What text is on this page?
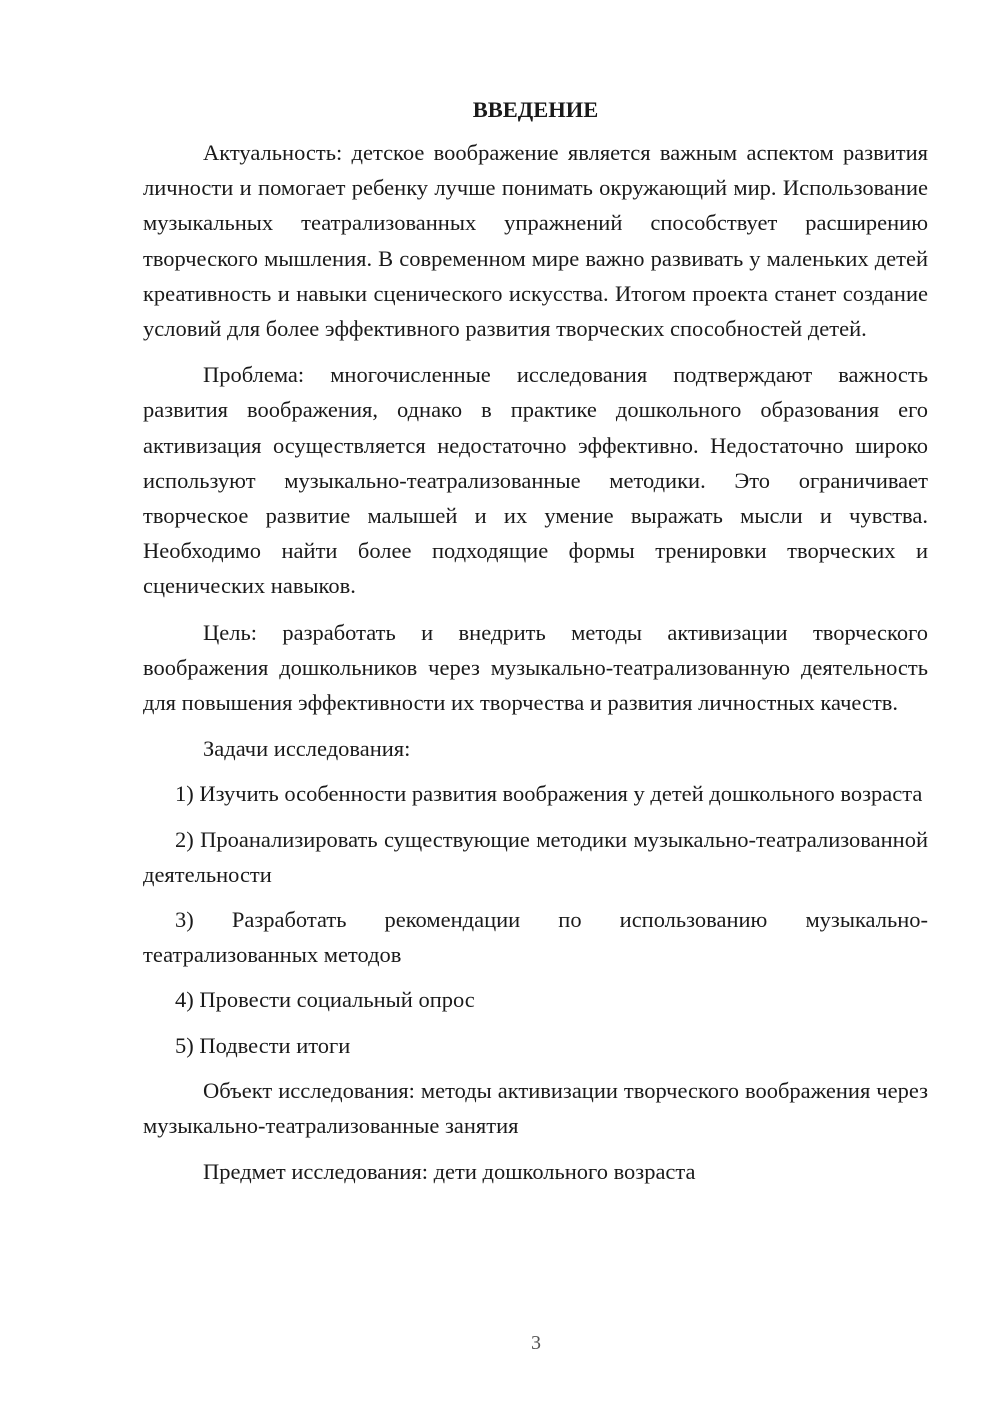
ВВЕДЕНИЕ

Актуальность: детское воображение является важным аспектом развития личности и помогает ребенку лучше понимать окружающий мир. Использование музыкальных театрализованных упражнений способствует расширению творческого мышления. В современном мире важно развивать у маленьких детей креативность и навыки сценического искусства. Итогом проекта станет создание условий для более эффективного развития творческих способностей детей.

Проблема: многочисленные исследования подтверждают важность развития воображения, однако в практике дошкольного образования его активизация осуществляется недостаточно эффективно. Недостаточно широко используют музыкально-театрализованные методики. Это ограничивает творческое развитие малышей и их умение выражать мысли и чувства. Необходимо найти более подходящие формы тренировки творческих и сценических навыков.

Цель: разработать и внедрить методы активизации творческого воображения дошкольников через музыкально-театрализованную деятельность для повышения эффективности их творчества и развития личностных качеств.

Задачи исследования:

1) Изучить особенности развития воображения у детей дошкольного возраста

2) Проанализировать существующие методики музыкально-театрализованной деятельности

3) Разработать рекомендации по использованию музыкально-театрализованных методов

4) Провести социальный опрос

5) Подвести итоги

Объект исследования: методы активизации творческого воображения через музыкально-театрализованные занятия

Предмет исследования: дети дошкольного возраста

3
